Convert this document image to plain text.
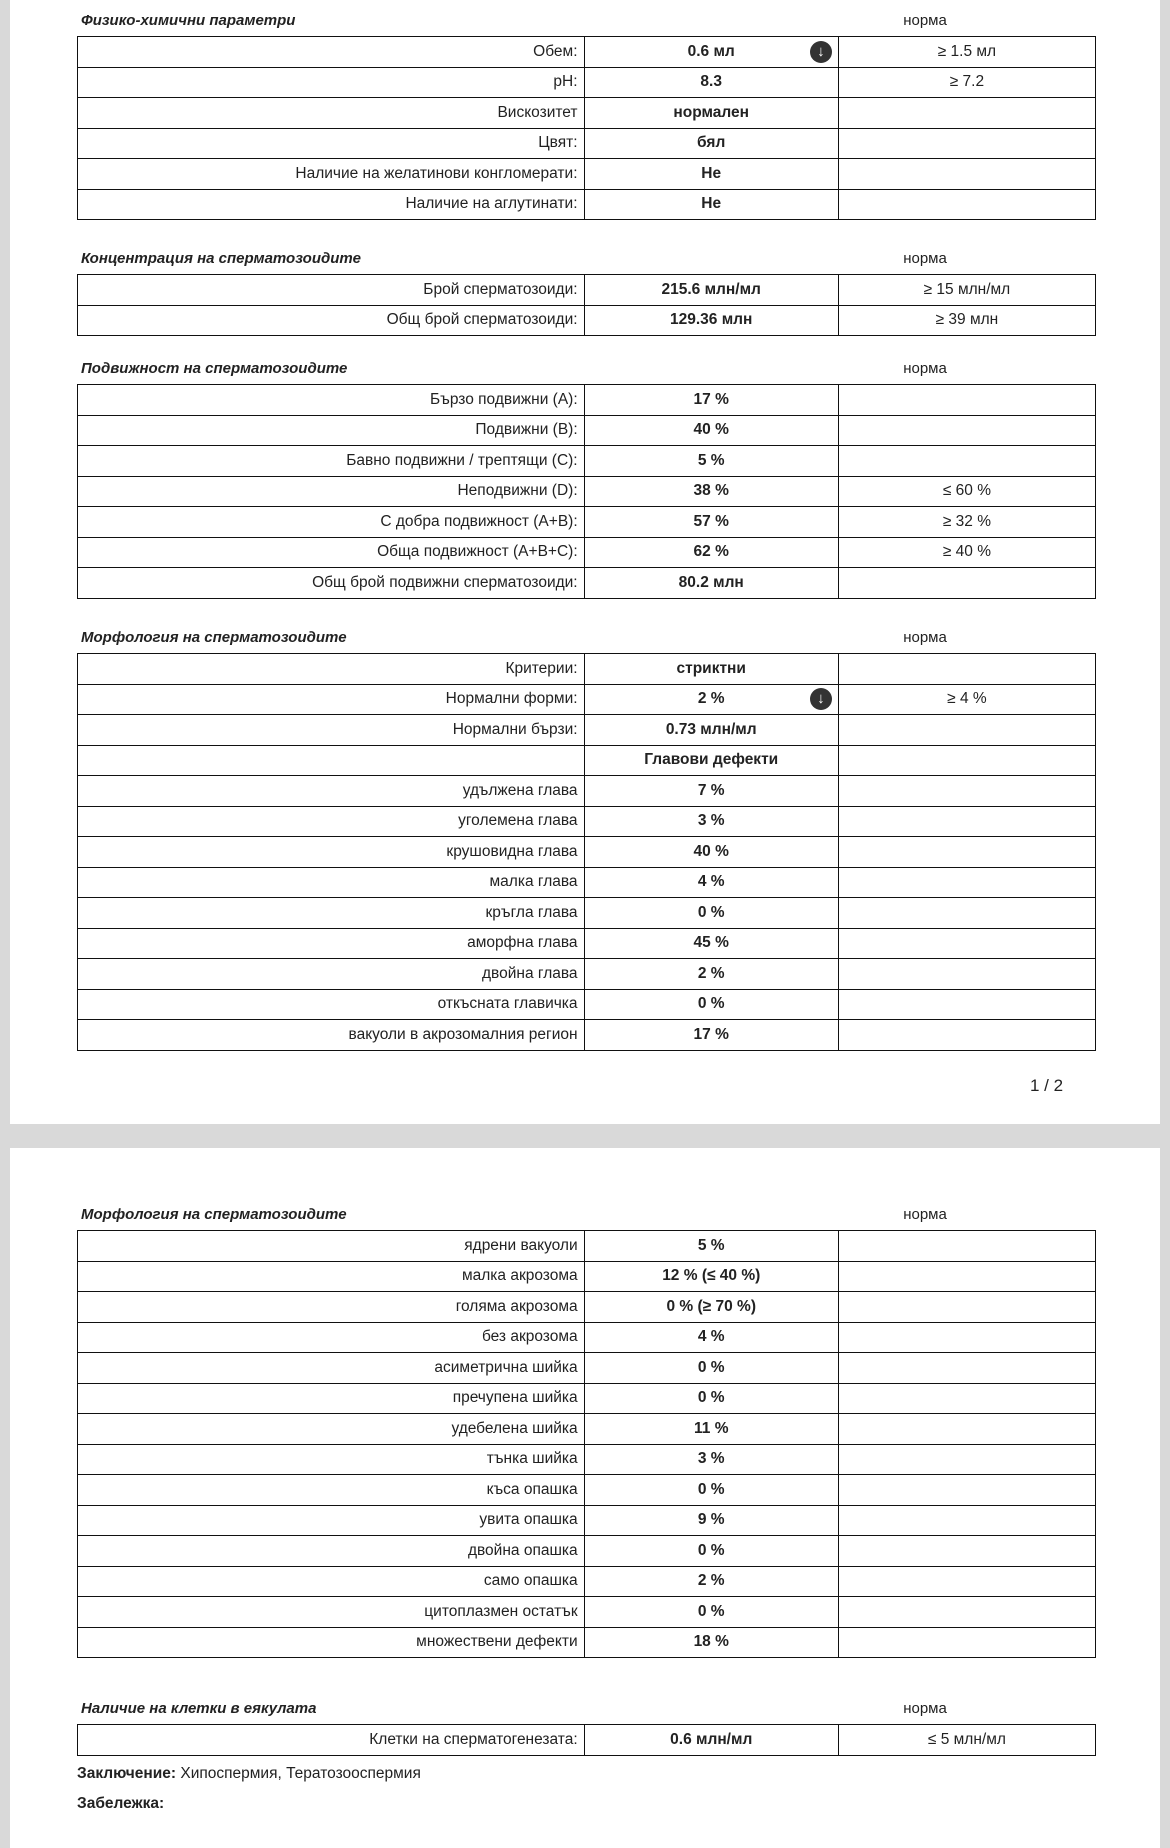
Физико-химични параметри	норма
Обем:	0.6 мл ↓	≥ 1.5 мл
pH:	8.3	≥ 7.2
Вискозитет	нормален	
Цвят:	бял	
Наличие на желатинови конгломерати:	Не	
Наличие на аглутинати:	Не	
Концентрация на сперматозоидите	норма
Брой сперматозоиди:	215.6 млн/мл	≥ 15 млн/мл
Общ брой сперматозоиди:	129.36 млн	≥ 39 млн
Подвижност на сперматозоидите	норма
Бързо подвижни (A):	17 %	
Подвижни (B):	40 %	
Бавно подвижни / трептящи (C):	5 %	
Неподвижни (D):	38 %	≤ 60 %
С добра подвижност (A+B):	57 %	≥ 32 %
Обща подвижност (A+B+C):	62 %	≥ 40 %
Общ брой подвижни сперматозоиди:	80.2 млн	
Морфология на сперматозоидите	норма
Критерии:	стриктни	
Нормални форми:	2 % ↓	≥ 4 %
Нормални бързи:	0.73 млн/мл	
	Главови дефекти	
удължена глава	7 %	
уголемена глава	3 %	
крушовидна глава	40 %	
малка глава	4 %	
кръгла глава	0 %	
аморфна глава	45 %	
двойна глава	2 %	
откъсната главичка	0 %	
вакуоли в акрозомалния регион	17 %	
Морфология на сперматозоидите	норма
ядрени вакуоли	5 %	
малка акрозома	12 % (≤ 40 %)	
голяма акрозома	0 % (≥ 70 %)	
без акрозома	4 %	
асиметрична шийка	0 %	
пречупена шийка	0 %	
удебелена шийка	11 %	
тънка шийка	3 %	
къса опашка	0 %	
увита опашка	9 %	
двойна опашка	0 %	
само опашка	2 %	
цитоплазмен остатък	0 %	
множествени дефекти	18 %	
Наличие на клетки в еякулата	норма
Клетки на сперматогенезата:	0.6 млн/мл	≤ 5 млн/мл
1 / 2
Заключение: Хипоспермия, Тератозооспермия
Забележка:
